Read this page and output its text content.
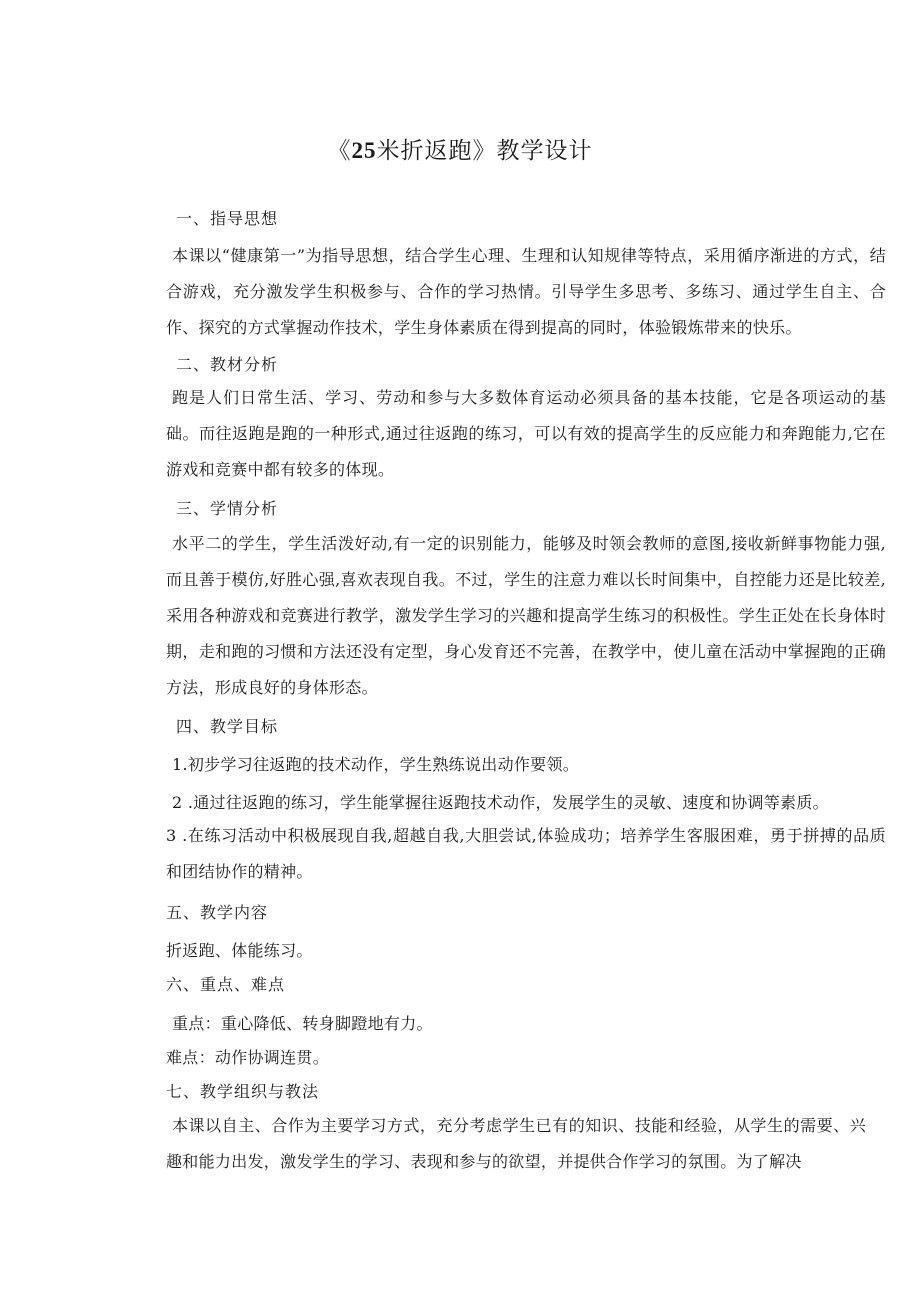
《25米折返跑》教学设计
一、指导思想
本课以“健康第一”为指导思想，结合学生心理、生理和认知规律等特点，采用循序渐进的方式，结合游戏，充分激发学生积极参与、合作的学习热情。引导学生多思考、多练习、通过学生自主、合作、探究的方式掌握动作技术，学生身体素质在得到提高的同时，体验锻炼带来的快乐。
二、教材分析
跑是人们日常生活、学习、劳动和参与大多数体育运动必须具备的基本技能，它是各项运动的基础。而往返跑是跑的一种形式,通过往返跑的练习，可以有效的提高学生的反应能力和奔跑能力,它在游戏和竞赛中都有较多的体现。
三、学情分析
水平二的学生，学生活泼好动,有一定的识别能力，能够及时领会教师的意图,接收新鲜事物能力强,而且善于模仿,好胜心强,喜欢表现自我。不过，学生的注意力难以长时间集中，自控能力还是比较差,采用各种游戏和竞赛进行教学，激发学生学习的兴趣和提高学生练习的积极性。学生正处在长身体时期，走和跑的习惯和方法还没有定型，身心发育还不完善，在教学中，使儿童在活动中掌握跑的正确方法，形成良好的身体形态。
四、教学目标
1.初步学习往返跑的技术动作，学生熟练说出动作要领。
2 .通过往返跑的练习，学生能掌握往返跑技术动作，发展学生的灵敏、速度和协调等素质。
3 .在练习活动中积极展现自我,超越自我,大胆尝试,体验成功；培养学生客服困难，勇于拼搏的品质和团结协作的精神。
五、教学内容
折返跑、体能练习。
六、重点、难点
重点：重心降低、转身脚蹬地有力。
难点：动作协调连贯。
七、教学组织与教法
本课以自主、合作为主要学习方式，充分考虑学生已有的知识、技能和经验，从学生的需要、兴趣和能力出发，激发学生的学习、表现和参与的欲望，并提供合作学习的氛围。为了解决
